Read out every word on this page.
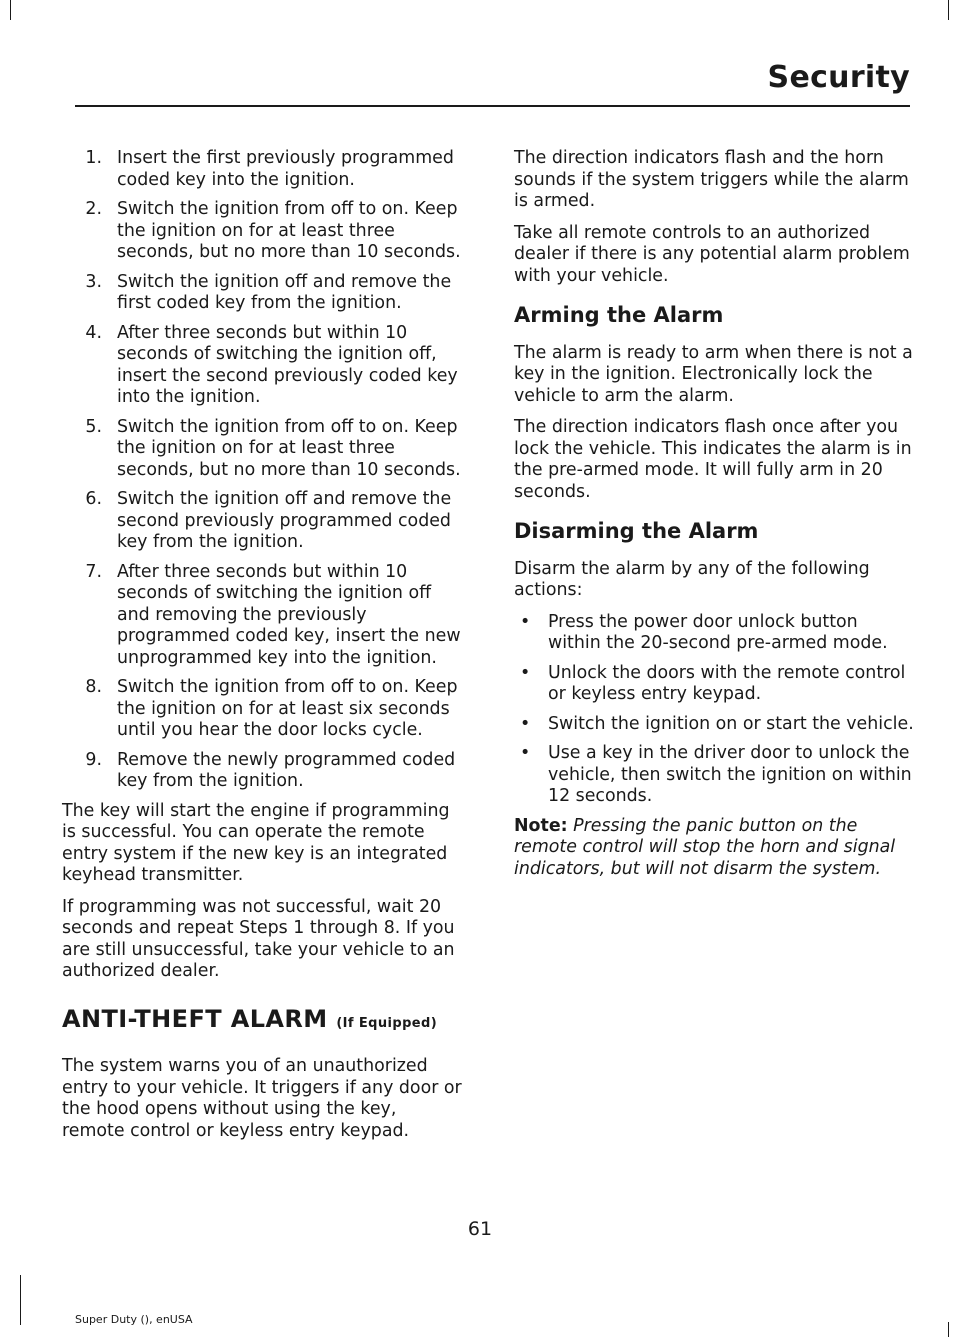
Security
1. Insert the first previously programmed coded key into the ignition.
2. Switch the ignition from off to on. Keep the ignition on for at least three seconds, but no more than 10 seconds.
3. Switch the ignition off and remove the first coded key from the ignition.
4. After three seconds but within 10 seconds of switching the ignition off, insert the second previously coded key into the ignition.
5. Switch the ignition from off to on. Keep the ignition on for at least three seconds, but no more than 10 seconds.
6. Switch the ignition off and remove the second previously programmed coded key from the ignition.
7. After three seconds but within 10 seconds of switching the ignition off and removing the previously programmed coded key, insert the new unprogrammed key into the ignition.
8. Switch the ignition from off to on. Keep the ignition on for at least six seconds until you hear the door locks cycle.
9. Remove the newly programmed coded key from the ignition.

The key will start the engine if programming is successful. You can operate the remote entry system if the new key is an integrated keyhead transmitter.

If programming was not successful, wait 20 seconds and repeat Steps 1 through 8. If you are still unsuccessful, take your vehicle to an authorized dealer.

ANTI-THEFT ALARM (If Equipped)

The system warns you of an unauthorized entry to your vehicle. It triggers if any door or the hood opens without using the key, remote control or keyless entry keypad.

The direction indicators flash and the horn sounds if the system triggers while the alarm is armed.

Take all remote controls to an authorized dealer if there is any potential alarm problem with your vehicle.

Arming the Alarm

The alarm is ready to arm when there is not a key in the ignition. Electronically lock the vehicle to arm the alarm.

The direction indicators flash once after you lock the vehicle. This indicates the alarm is in the pre-armed mode. It will fully arm in 20 seconds.

Disarming the Alarm

Disarm the alarm by any of the following actions:

• Press the power door unlock button within the 20-second pre-armed mode.
• Unlock the doors with the remote control or keyless entry keypad.
• Switch the ignition on or start the vehicle.
• Use a key in the driver door to unlock the vehicle, then switch the ignition on within 12 seconds.

Note: Pressing the panic button on the remote control will stop the horn and signal indicators, but will not disarm the system.

61
Super Duty (), enUSA
